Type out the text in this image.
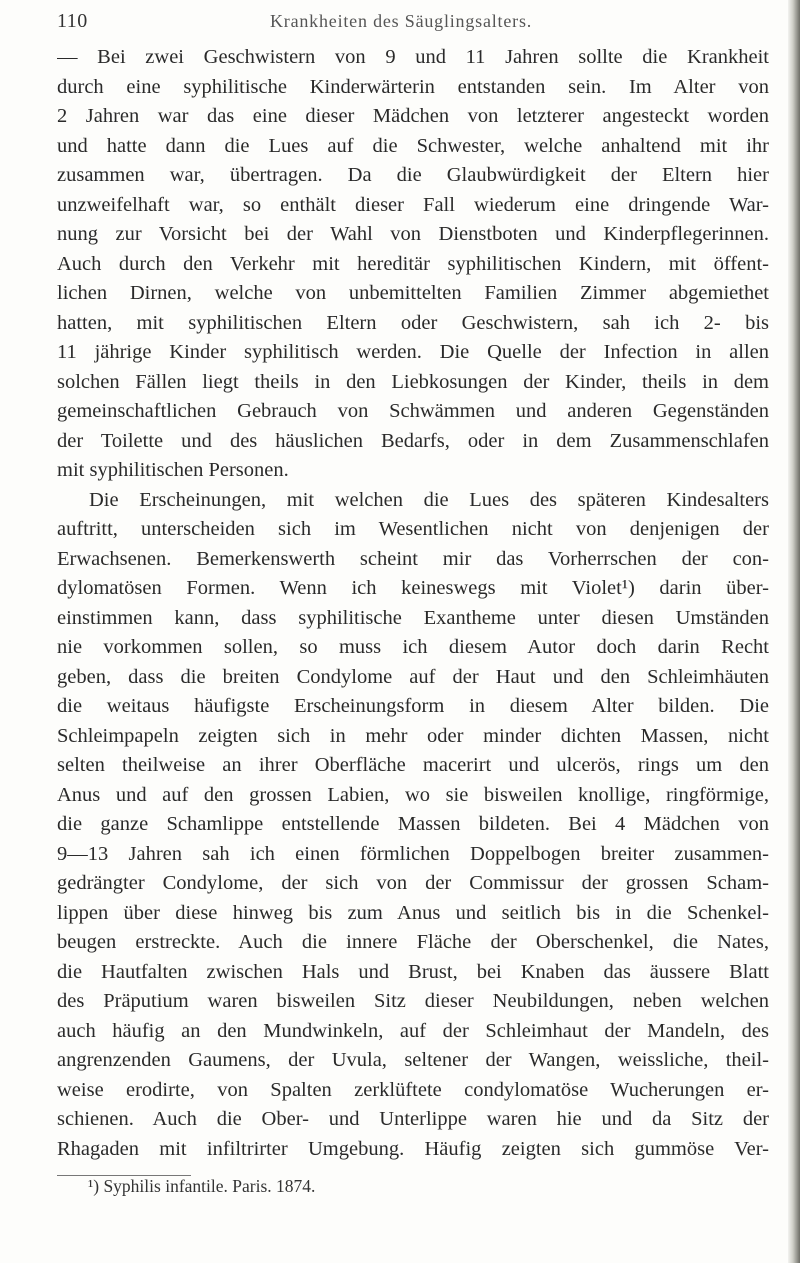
110	Krankheiten des Säuglingsalters.
— Bei zwei Geschwistern von 9 und 11 Jahren sollte die Krankheit
durch eine syphilitische Kinderwärterin entstanden sein. Im Alter von
2 Jahren war das eine dieser Mädchen von letzterer angesteckt worden
und hatte dann die Lues auf die Schwester, welche anhaltend mit ihr
zusammen war, übertragen. Da die Glaubwürdigkeit der Eltern hier
unzweifelhaft war, so enthält dieser Fall wiederum eine dringende War-
nung zur Vorsicht bei der Wahl von Dienstboten und Kinderpflegerinnen.
Auch durch den Verkehr mit hereditär syphilitischen Kindern, mit öffent-
lichen Dirnen, welche von unbemittelten Familien Zimmer abgemiethet
hatten, mit syphilitischen Eltern oder Geschwistern, sah ich 2- bis
11 jährige Kinder syphilitisch werden. Die Quelle der Infection in allen
solchen Fällen liegt theils in den Liebkosungen der Kinder, theils in dem
gemeinschaftlichen Gebrauch von Schwämmen und anderen Gegenständen
der Toilette und des häuslichen Bedarfs, oder in dem Zusammenschlafen
mit syphilitischen Personen.
Die Erscheinungen, mit welchen die Lues des späteren Kindesalters
auftritt, unterscheiden sich im Wesentlichen nicht von denjenigen der
Erwachsenen. Bemerkenswerth scheint mir das Vorherrschen der con-
dylomatösen Formen. Wenn ich keineswegs mit Violet¹) darin über-
einstimmen kann, dass syphilitische Exantheme unter diesen Umständen
nie vorkommen sollen, so muss ich diesem Autor doch darin Recht
geben, dass die breiten Condylome auf der Haut und den Schleimhäuten
die weitaus häufigste Erscheinungsform in diesem Alter bilden. Die
Schleimpapeln zeigten sich in mehr oder minder dichten Massen, nicht
selten theilweise an ihrer Oberfläche macerirt und ulcerös, rings um den
Anus und auf den grossen Labien, wo sie bisweilen knollige, ringförmige,
die ganze Schamlippe entstellende Massen bildeten. Bei 4 Mädchen von
9—13 Jahren sah ich einen förmlichen Doppelbogen breiter zusammen-
gedrängter Condylome, der sich von der Commissur der grossen Scham-
lippen über diese hinweg bis zum Anus und seitlich bis in die Schenkel-
beugen erstreckte. Auch die innere Fläche der Oberschenkel, die Nates,
die Hautfalten zwischen Hals und Brust, bei Knaben das äussere Blatt
des Präputium waren bisweilen Sitz dieser Neubildungen, neben welchen
auch häufig an den Mundwinkeln, auf der Schleimhaut der Mandeln, des
angrenzenden Gaumens, der Uvula, seltener der Wangen, weissliche, theil-
weise erodirte, von Spalten zerklüftete condylomatöse Wucherungen er-
schienen. Auch die Ober- und Unterlippe waren hie und da Sitz der
Rhagaden mit infiltrirter Umgebung. Häufig zeigten sich gummöse Ver-
¹) Syphilis infantile. Paris. 1874.
